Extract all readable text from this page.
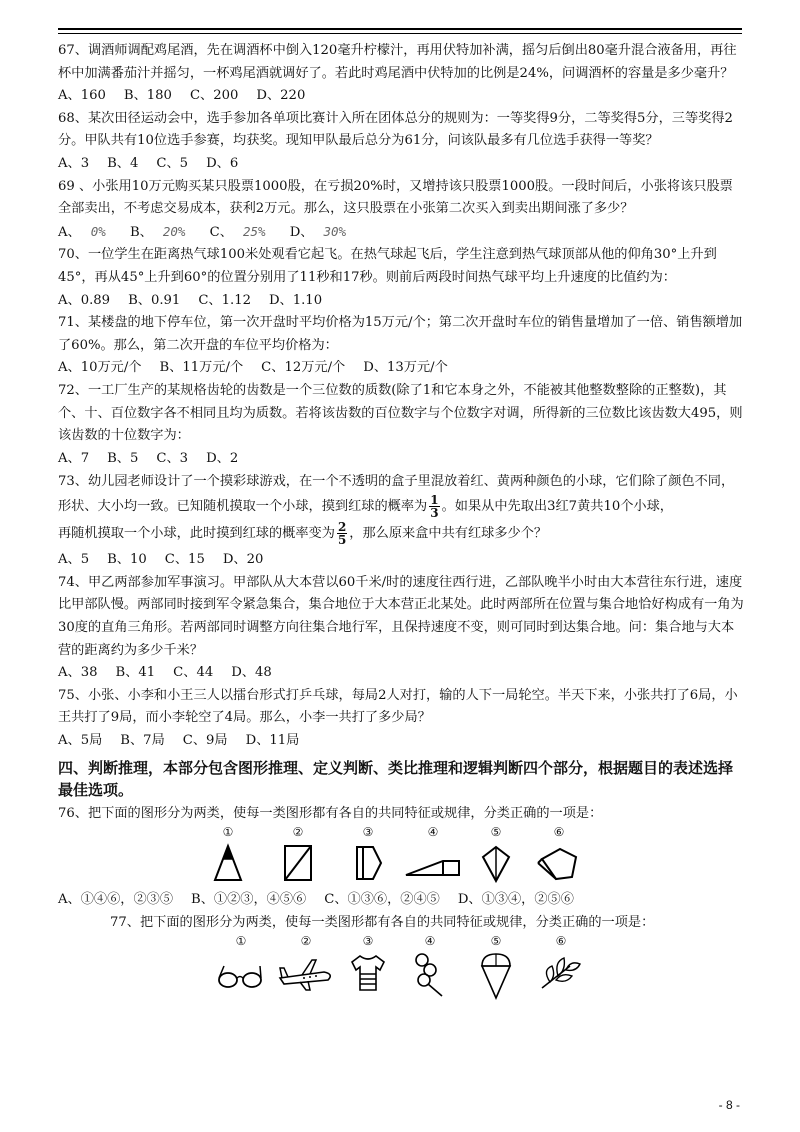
67、调酒师调配鸡尾酒，先在调酒杯中倒入120毫升柠檬汁，再用伏特加补满，摇匀后倒出80毫升混合液备用，再往杯中加满番茄汁并摇匀，一杯鸡尾酒就调好了。若此时鸡尾酒中伏特加的比例是24%，问调酒杯的容量是多少毫升？

A、160 B、180 C、200 D、220

68、某次田径运动会中，选手参加各单项比赛计入所在团体总分的规则为：一等奖得9分，二等奖得5分，三等奖得2分。甲队共有10位选手参赛，均获奖。现知甲队最后总分为61分，问该队最多有几位选手获得一等奖？

A、3 B、4 C、5 D、6

69 、小张用10万元购买某只股票1000股，在亏损20%时，又增持该只股票1000股。一段时间后，小张将该只股票全部卖出，不考虑交易成本，获利2万元。那么，这只股票在小张第二次买入到卖出期间涨了多少？

A、 0% B、 20% C、 25% D、 30%

70、一位学生在距离热气球100米处观看它起飞。在热气球起飞后，学生注意到热气球顶部从他的仰角30°上升到45°，再从45°上升到60°的位置分别用了11秒和17秒。则前后两段时间热气球平均上升速度的比值约为：

A、0.89 B、0.91 C、1.12 D、1.10

71、某楼盘的地下停车位，第一次开盘时平均价格为15万元/个；第二次开盘时车位的销售量增加了一倍、销售额增加了60%。那么，第二次开盘的车位平均价格为：

A、10万元/个 B、11万元/个 C、12万元/个 D、13万元/个

72、一工厂生产的某规格齿轮的齿数是一个三位数的质数(除了1和它本身之外，不能被其他整数整除的正整数)，其个、十、百位数字各不相同且均为质数。若将该齿数的百位数字与个位数字对调，所得新的三位数比该齿数大495，则该齿数的十位数字为：

A、7 B、5 C、3 D、2

73、幼儿园老师设计了一个摸彩球游戏，在一个不透明的盒子里混放着红、黄两种颜色的小球，它们除了颜色不同，形状、大小均一致。已知随机摸取一个小球，摸到红球的概率为 $\frac{1}{3}$ 。如果从中先取出3红7黄共10个小球，

再随机摸取一个小球，此时摸到红球的概率变为 $\frac{2}{5}$ ，那么原来盒中共有红球多少个？

A、5 B、10 C、15 D、20

74、甲乙两部参加军事演习。甲部队从大本营以60千米/时的速度往西行进，乙部队晚半小时由大本营往东行进，速度比甲部队慢。两部同时接到军令紧急集合，集合地位于大本营正北某处。此时两部所在位置与集合地恰好构成有一角为30度的直角三角形。若两部同时调整方向往集合地行军，且保持速度不变，则可同时到达集合地。问：集合地与大本营的距离约为多少千米？

A、38 B、41 C、44 D、48

75、小张、小李和小王三人以擂台形式打乒乓球，每局2人对打，输的人下一局轮空。半天下来，小张共打了6局，小王共打了9局，而小李轮空了4局。那么，小李一共打了多少局？

A、5局 B、7局 C、9局 D、11局

四、判断推理，本部分包含图形推理、定义判断、类比推理和逻辑判断四个部分，根据题目的表述选择最佳选项。

76、把下面的图形分为两类，使每一类图形都有各自的共同特征或规律，分类正确的一项是：

①	②	③	④	⑤	⑥

A、①④⑥，②③⑤ B、①②③，④⑤⑥ C、①③⑥，②④⑤ D、①③④，②⑤⑥

77、把下面的图形分为两类，使每一类图形都有各自的共同特征或规律，分类正确的一项是：

①	②	③	④	⑤	⑥
- 8 -
